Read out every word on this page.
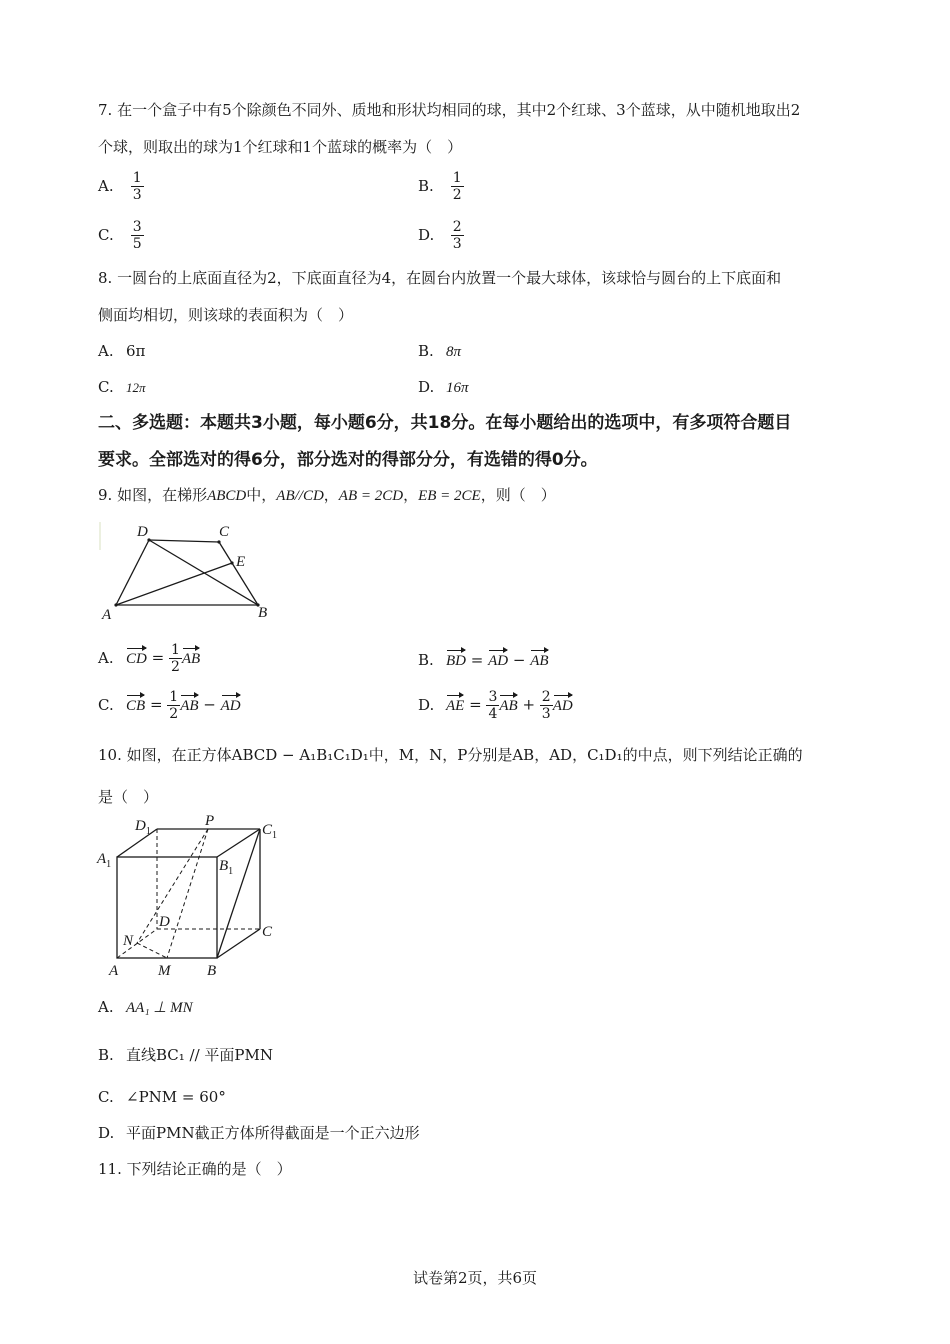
7. 在一个盒子中有5个除颜色不同外、质地和形状均相同的球，其中2个红球、3个蓝球，从中随机地取出2
个球，则取出的球为1个红球和1个蓝球的概率为（　）
A. $\frac{1}{3}$	B. $\frac{1}{2}$
C. $\frac{3}{5}$	D. $\frac{2}{3}$
8. 一圆台的上底面直径为2，下底面直径为4，在圆台内放置一个最大球体，该球恰与圆台的上下底面和
侧面均相切，则该球的表面积为（　）
A. 6π	B. 8π
C. 12π	D. 16π
二、多选题：本题共3小题，每小题6分，共18分。在每小题给出的选项中，有多项符合题目
要求。全部选对的得6分，部分选对的得部分分，有选错的得0分。
9. 如图，在梯形ABCD中，AB//CD，AB = 2CD，EB = 2CE，则（　）
D	C
E
A	B
A. CD = $\frac{1}{2}$ AB	B. BD = AD − AB
C. CB = $\frac{1}{2}$ AB − AD	D. AE = $\frac{3}{4}$ AB + $\frac{2}{3}$ AD
10. 如图，在正方体ABCD − A₁B₁C₁D₁中，M，N，P分别是AB，AD，C₁D₁的中点，则下列结论正确的
是（　）
$D_1$
P
$C_1$
$A_1$	$B_1$
D
C
N
A	M B
A. AA₁ ⊥ MN
B. 直线BC₁ // 平面PMN
C. ∠PNM = 60°
D. 平面PMN截正方体所得截面是一个正六边形
11. 下列结论正确的是（　）
试卷第2页，共6页
